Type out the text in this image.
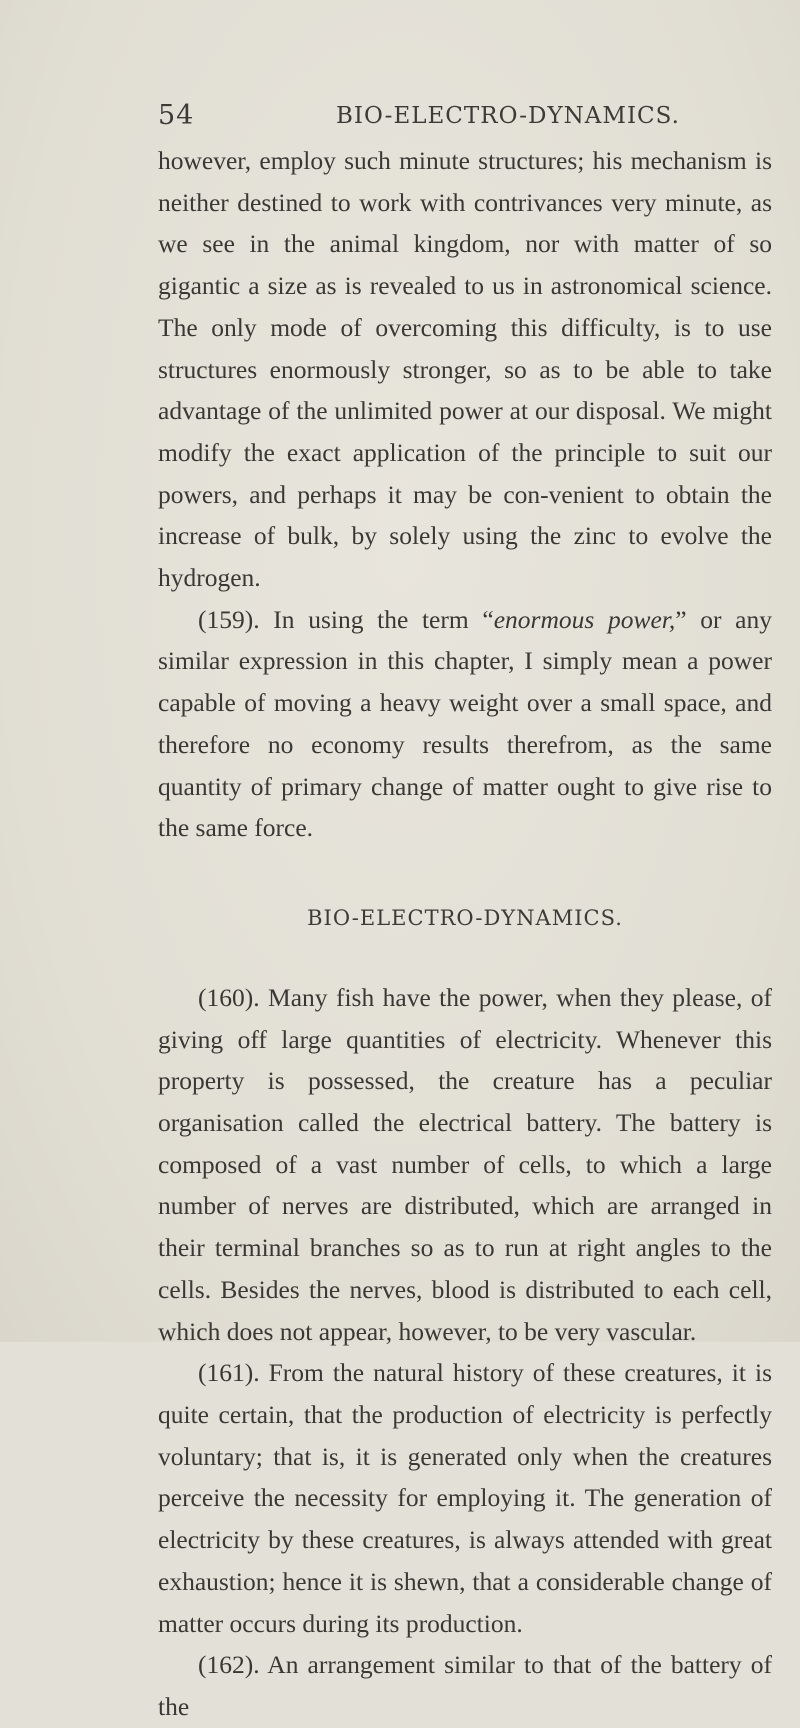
54	BIO-ELECTRO-DYNAMICS.

however, employ such minute structures; his mechanism is neither destined to work with contrivances very minute, as we see in the animal kingdom, nor with matter of so gigantic a size as is revealed to us in astronomical science. The only mode of overcoming this difficulty, is to use structures enormously stronger, so as to be able to take advantage of the unlimited power at our disposal. We might modify the exact application of the principle to suit our powers, and perhaps it may be con-venient to obtain the increase of bulk, by solely using the zinc to evolve the hydrogen.

(159). In using the term “enormous power,” or any similar expression in this chapter, I simply mean a power capable of moving a heavy weight over a small space, and therefore no economy results therefrom, as the same quantity of primary change of matter ought to give rise to the same force.

BIO-ELECTRO-DYNAMICS.

(160). Many fish have the power, when they please, of giving off large quantities of electricity. Whenever this property is possessed, the creature has a peculiar organisation called the electrical battery. The battery is composed of a vast number of cells, to which a large number of nerves are distributed, which are arranged in their terminal branches so as to run at right angles to the cells. Besides the nerves, blood is distributed to each cell, which does not appear, however, to be very vascular.

(161). From the natural history of these creatures, it is quite certain, that the production of electricity is perfectly voluntary; that is, it is generated only when the creatures perceive the necessity for employing it. The generation of electricity by these creatures, is always attended with great exhaustion; hence it is shewn, that a considerable change of matter occurs during its production.

(162). An arrangement similar to that of the battery of the
